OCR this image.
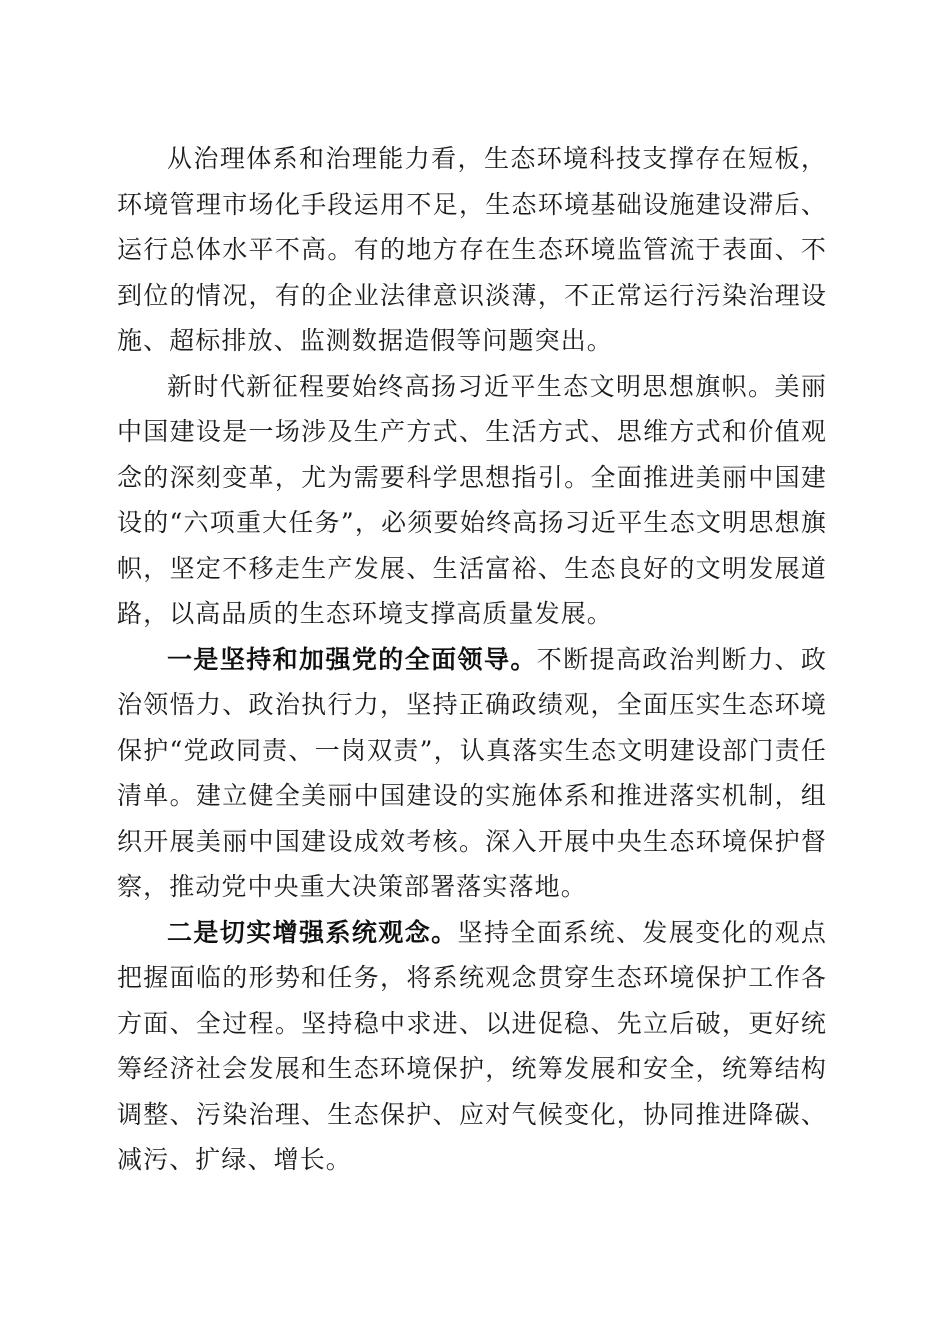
从治理体系和治理能力看，生态环境科技支撑存在短板，环境管理市场化手段运用不足，生态环境基础设施建设滞后、运行总体水平不高。有的地方存在生态环境监管流于表面、不到位的情况，有的企业法律意识淡薄，不正常运行污染治理设施、超标排放、监测数据造假等问题突出。

新时代新征程要始终高扬习近平生态文明思想旗帜。美丽中国建设是一场涉及生产方式、生活方式、思维方式和价值观念的深刻变革，尤为需要科学思想指引。全面推进美丽中国建设的“六项重大任务”，必须要始终高扬习近平生态文明思想旗帜，坚定不移走生产发展、生活富裕、生态良好的文明发展道路，以高品质的生态环境支撑高质量发展。

一是坚持和加强党的全面领导。不断提高政治判断力、政治领悟力、政治执行力，坚持正确政绩观，全面压实生态环境保护“党政同责、一岗双责”，认真落实生态文明建设部门责任清单。建立健全美丽中国建设的实施体系和推进落实机制，组织开展美丽中国建设成效考核。深入开展中央生态环境保护督察，推动党中央重大决策部署落实落地。

二是切实增强系统观念。坚持全面系统、发展变化的观点把握面临的形势和任务，将系统观念贯穿生态环境保护工作各方面、全过程。坚持稳中求进、以进促稳、先立后破，更好统筹经济社会发展和生态环境保护，统筹发展和安全，统筹结构调整、污染治理、生态保护、应对气候变化，协同推进降碳、减污、扩绿、增长。
